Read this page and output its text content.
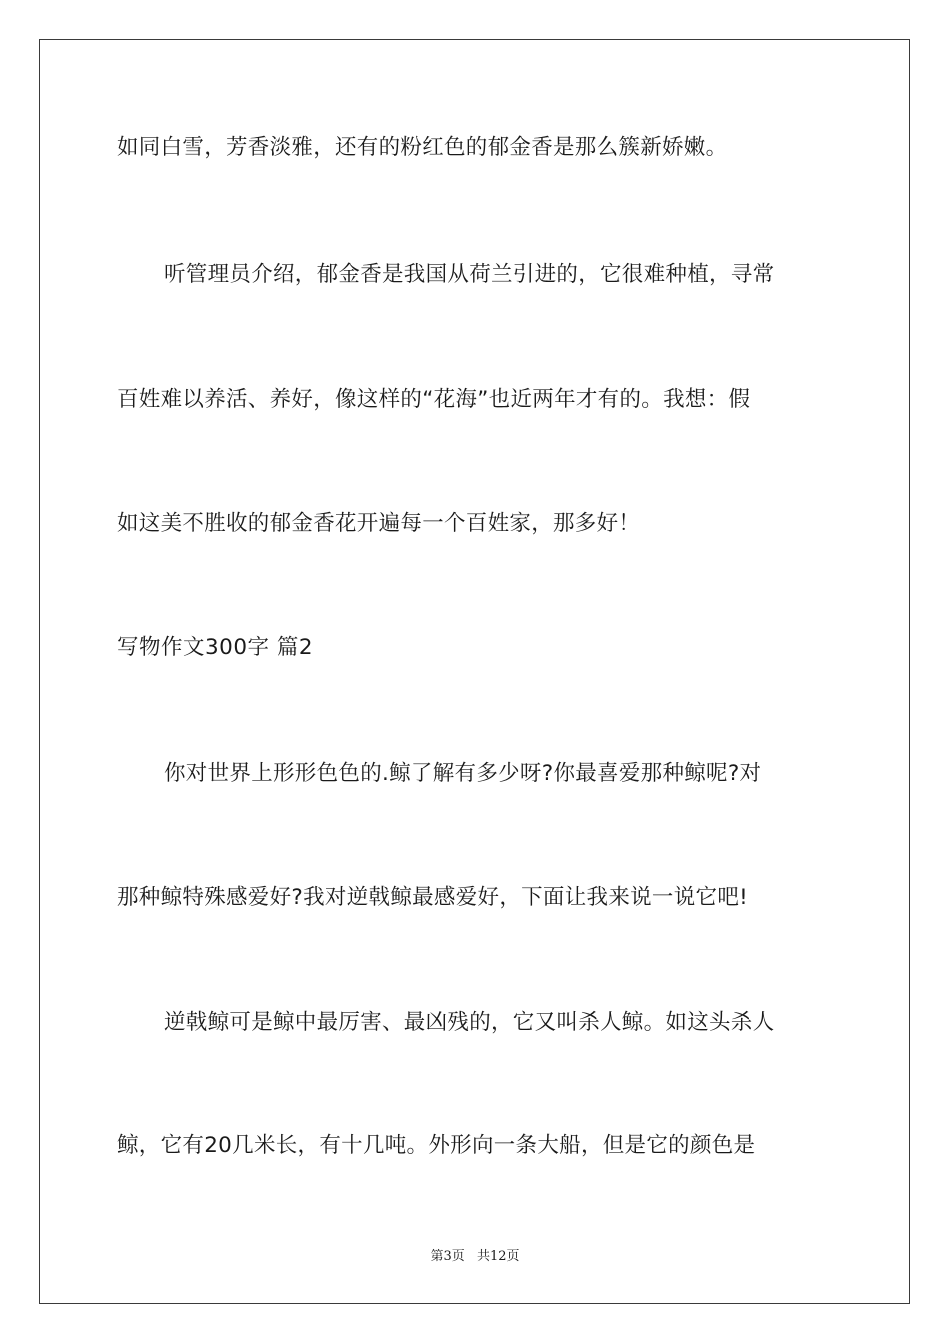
如同白雪，芳香淡雅，还有的粉红色的郁金香是那么簇新娇嫩。
听管理员介绍，郁金香是我国从荷兰引进的，它很难种植，寻常
百姓难以养活、养好，像这样的“花海”也近两年才有的。我想：假
如这美不胜收的郁金香花开遍每一个百姓家，那多好！
写物作文300字 篇2
你对世界上形形色色的.鲸了解有多少呀?你最喜爱那种鲸呢?对
那种鲸特殊感爱好?我对逆戟鲸最感爱好，下面让我来说一说它吧!
逆戟鲸可是鲸中最厉害、最凶残的，它又叫杀人鲸。如这头杀人
鲸，它有20几米长，有十几吨。外形向一条大船，但是它的颜色是
第3页 共12页
